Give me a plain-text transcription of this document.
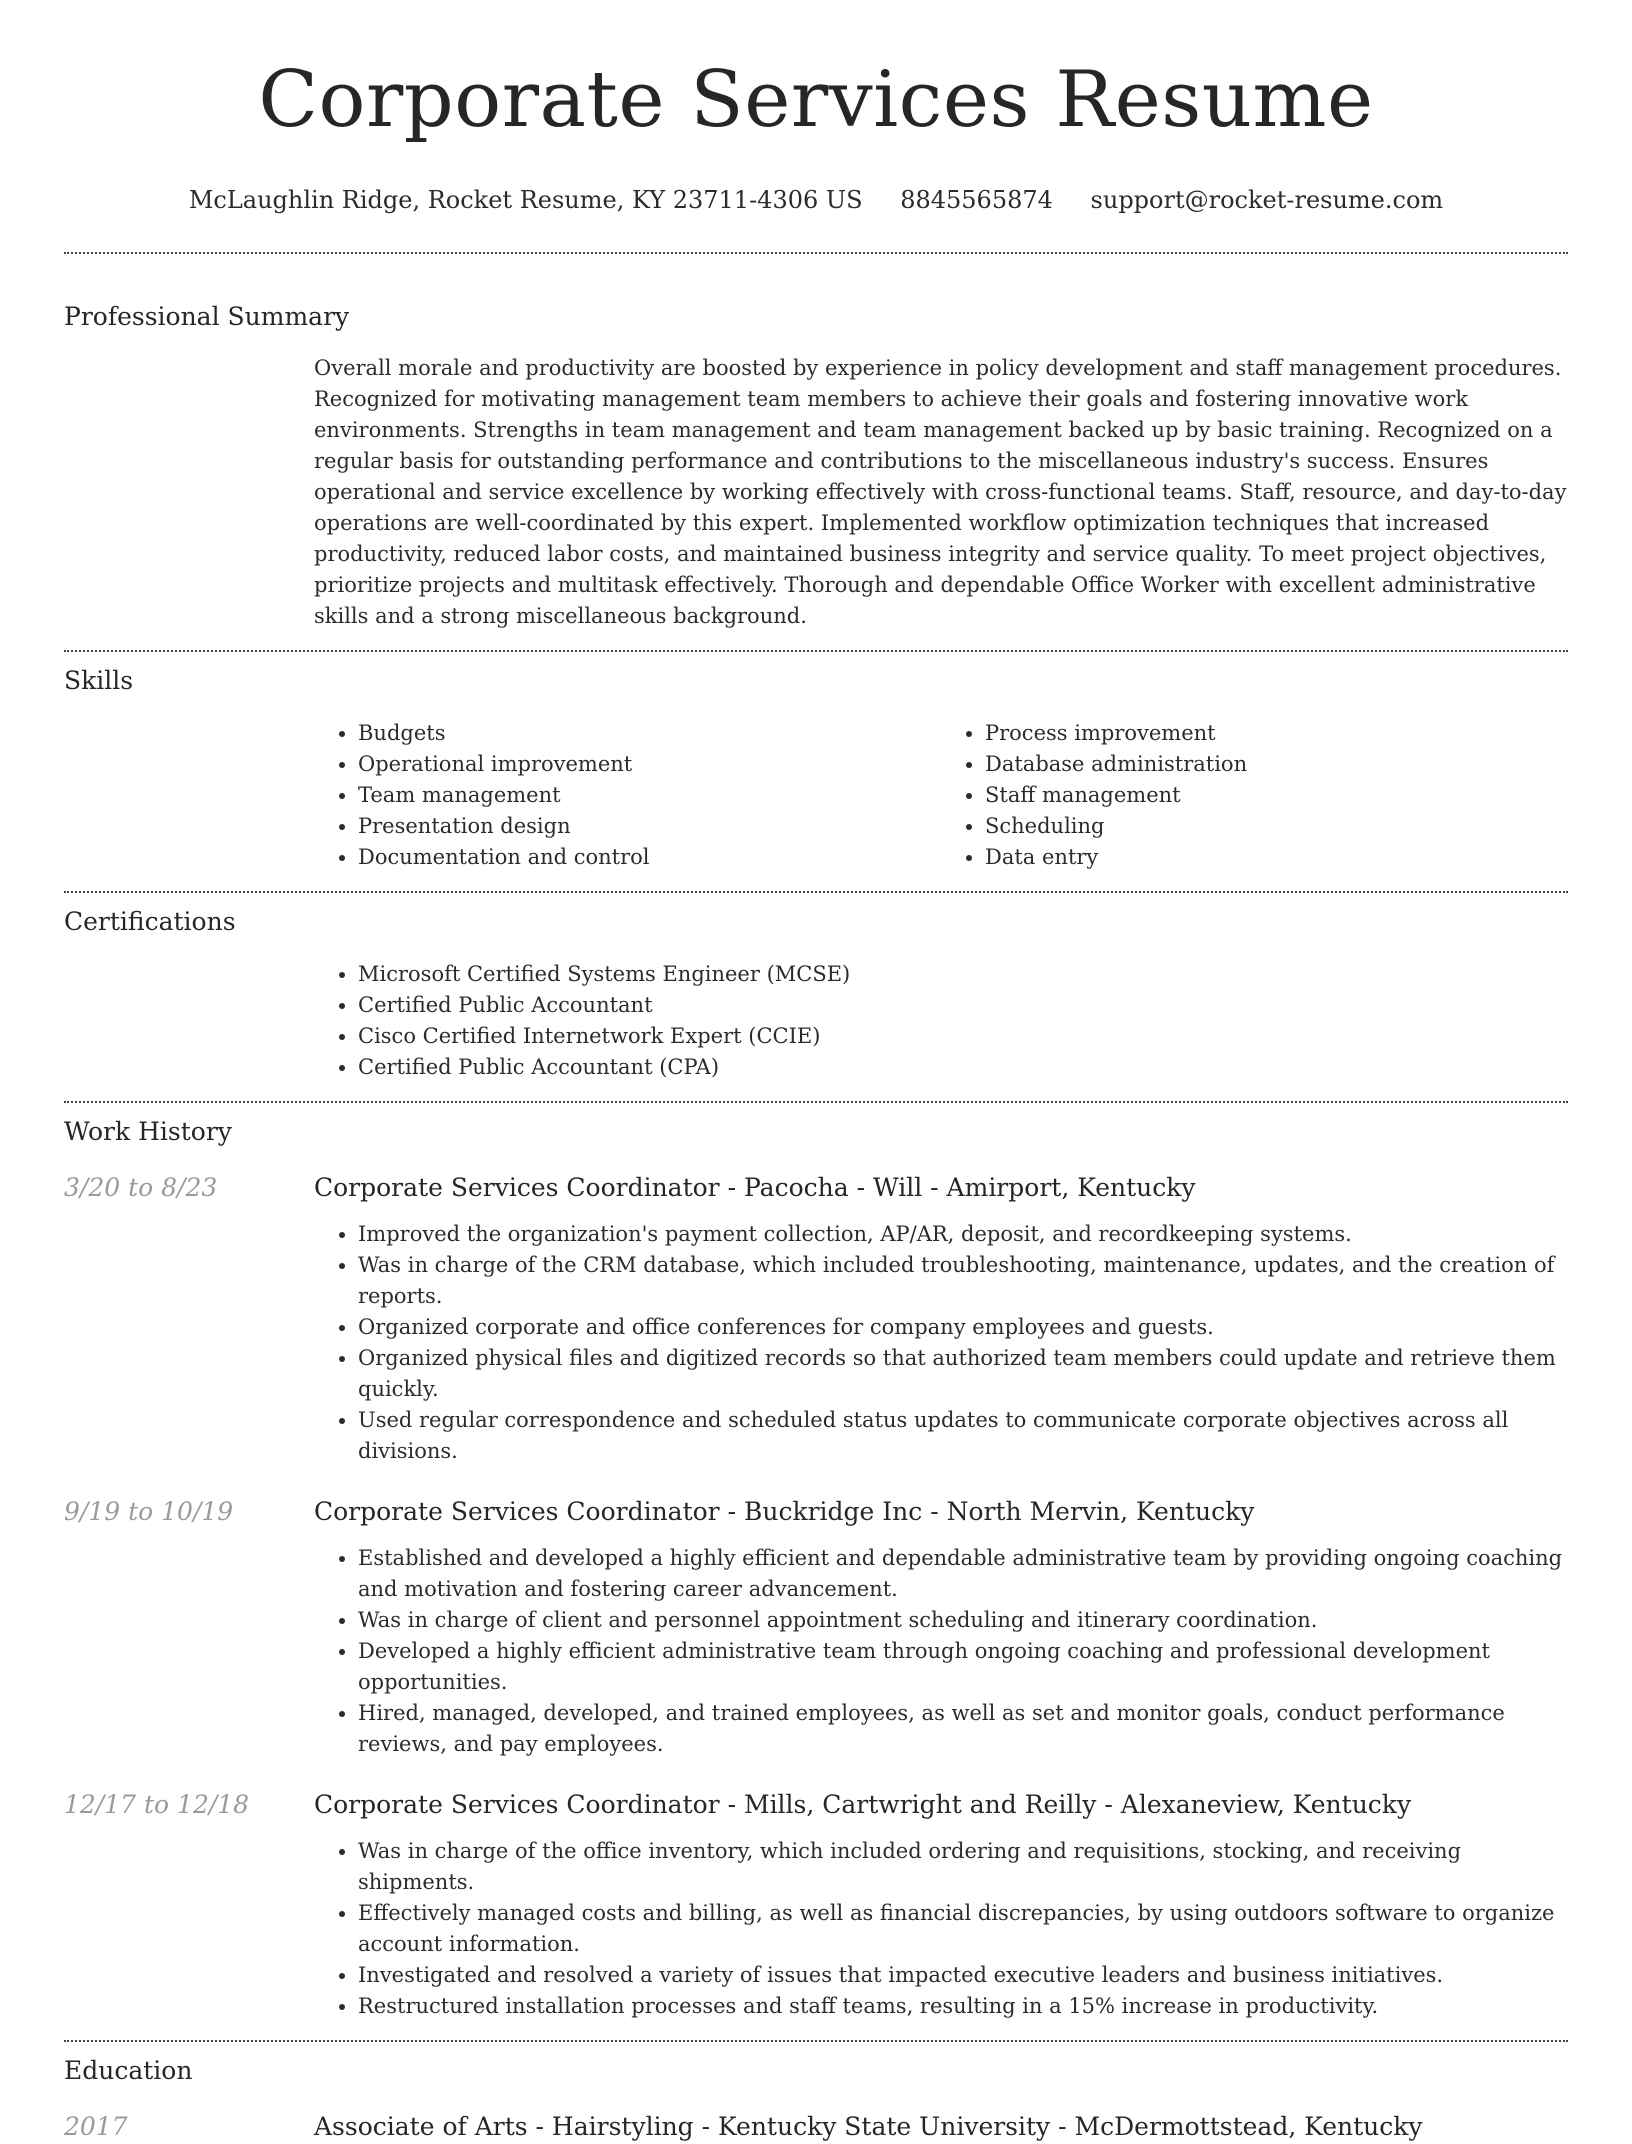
Corporate Services Resume
McLaughlin Ridge, Rocket Resume, KY 23711-4306 US 8845565874 support@rocket-resume.com
Professional Summary

Overall morale and productivity are boosted by experience in policy development and staff management procedures. Recognized for motivating management team members to achieve their goals and fostering innovative work environments. Strengths in team management and team management backed up by basic training. Recognized on a regular basis for outstanding performance and contributions to the miscellaneous industry's success. Ensures operational and service excellence by working effectively with cross-functional teams. Staff, resource, and day-to-day operations are well-coordinated by this expert. Implemented workflow optimization techniques that increased productivity, reduced labor costs, and maintained business integrity and service quality. To meet project objectives, prioritize projects and multitask effectively. Thorough and dependable Office Worker with excellent administrative skills and a strong miscellaneous background.

Skills
• Budgets
• Operational improvement
• Team management
• Presentation design
• Documentation and control
• Process improvement
• Database administration
• Staff management
• Scheduling
• Data entry
Certifications
• Microsoft Certified Systems Engineer (MCSE)
• Certified Public Accountant
• Cisco Certified Internetwork Expert (CCIE)
• Certified Public Accountant (CPA)
Work History
3/20 to 8/23	Corporate Services Coordinator - Pacocha - Will - Amirport, Kentucky
• Improved the organization's payment collection, AP/AR, deposit, and recordkeeping systems.
• Was in charge of the CRM database, which included troubleshooting, maintenance, updates, and the creation of reports.
• Organized corporate and office conferences for company employees and guests.
• Organized physical files and digitized records so that authorized team members could update and retrieve them quickly.
• Used regular correspondence and scheduled status updates to communicate corporate objectives across all divisions.
9/19 to 10/19	Corporate Services Coordinator - Buckridge Inc - North Mervin, Kentucky
• Established and developed a highly efficient and dependable administrative team by providing ongoing coaching and motivation and fostering career advancement.
• Was in charge of client and personnel appointment scheduling and itinerary coordination.
• Developed a highly efficient administrative team through ongoing coaching and professional development opportunities.
• Hired, managed, developed, and trained employees, as well as set and monitor goals, conduct performance reviews, and pay employees.
12/17 to 12/18	Corporate Services Coordinator - Mills, Cartwright and Reilly - Alexaneview, Kentucky
• Was in charge of the office inventory, which included ordering and requisitions, stocking, and receiving shipments.
• Effectively managed costs and billing, as well as financial discrepancies, by using outdoors software to organize account information.
• Investigated and resolved a variety of issues that impacted executive leaders and business initiatives.
• Restructured installation processes and staff teams, resulting in a 15% increase in productivity.
Education
2017	Associate of Arts - Hairstyling - Kentucky State University - McDermottstead, Kentucky
